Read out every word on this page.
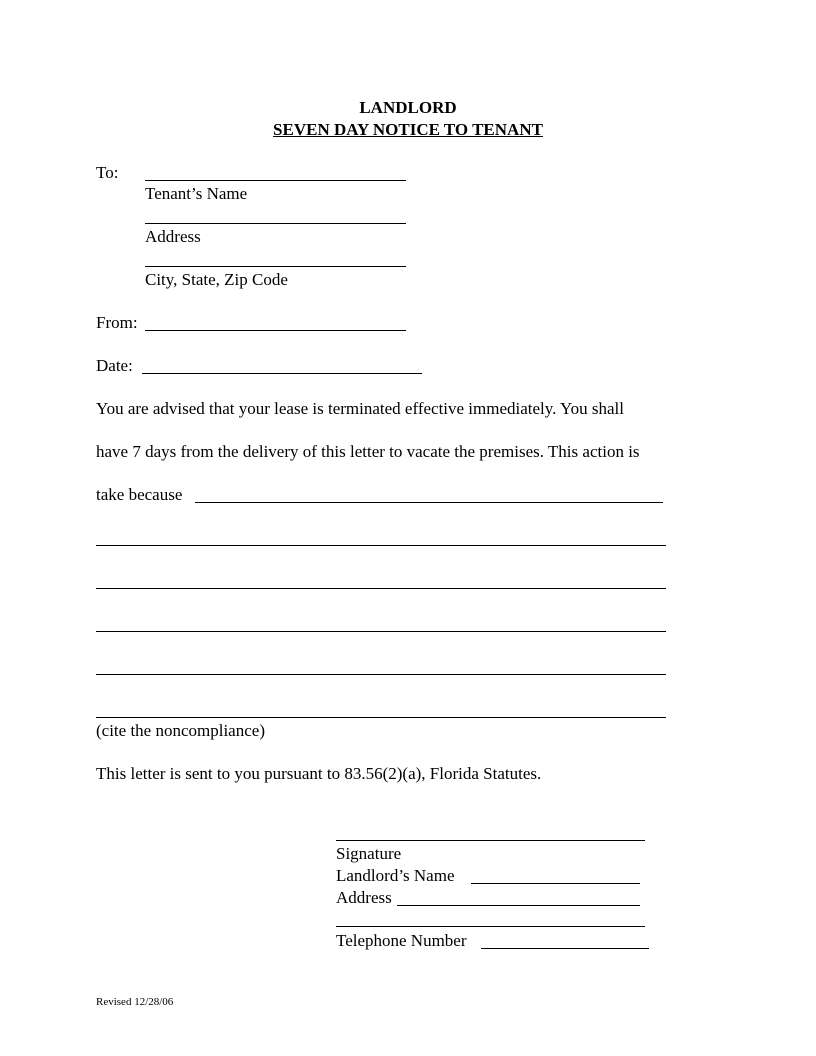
LANDLORD
SEVEN DAY NOTICE TO TENANT
To:
Tenant’s Name
Address
City, State, Zip Code
From:
Date:
You are advised that your lease is terminated effective immediately. You shall
have 7 days from the delivery of this letter to vacate the premises. This action is
take because
(cite the noncompliance)
This letter is sent to you pursuant to 83.56(2)(a), Florida Statutes.
Signature
Landlord’s Name
Address
Telephone Number
Revised 12/28/06
